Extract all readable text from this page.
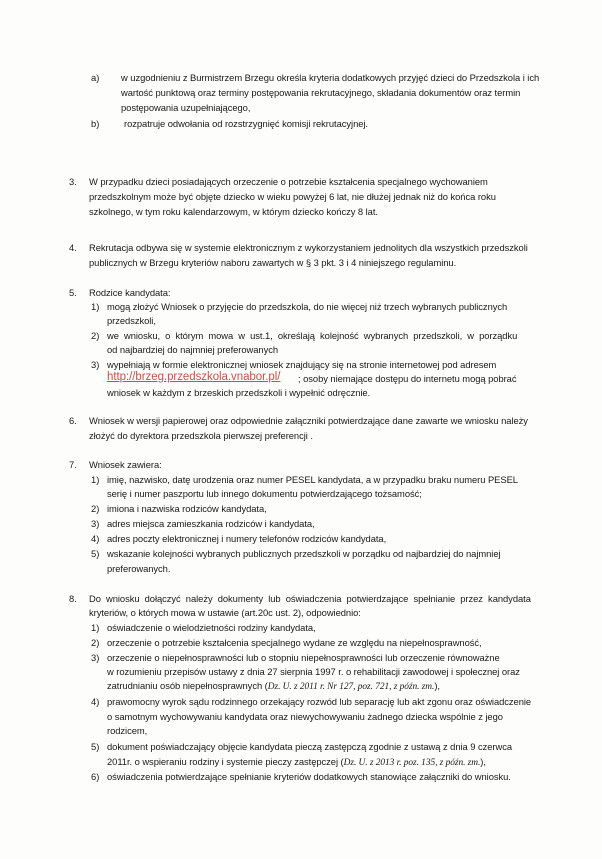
a) w uzgodnieniu z Burmistrzem Brzegu określa kryteria dodatkowych przyjęć dzieci do Przedszkola i ich
wartość punktową oraz terminy postępowania rekrutacyjnego, składania dokumentów oraz termin
postępowania uzupełniającego,
b)	rozpatruje odwołania od rozstrzygnięć komisji rekrutacyjnej.
3. W przypadku dzieci posiadających orzeczenie o potrzebie kształcenia specjalnego wychowaniem
przedszkolnym może być objęte dziecko w wieku powyżej 6 lat, nie dłużej jednak niż do końca roku
szkolnego, w tym roku kalendarzowym, w którym dziecko kończy 8 lat.
4. Rekrutacja odbywa się w systemie elektronicznym z wykorzystaniem jednolitych dla wszystkich przedszkoli
publicznych w Brzegu kryteriów naboru zawartych w § 3 pkt. 3 i 4 niniejszego regulaminu.
5. Rodzice kandydata:
1) mogą złożyć Wniosek o przyjęcie do przedszkola, do nie więcej niż trzech wybranych publicznych
przedszkoli,
2) we  wniosku,  o  którym  mowa  w  ust.1,  określają  kolejność  wybranych  przedszkoli,  w  porządku
od najbardziej do najmniej preferowanych
3) wypełniają w formie elektronicznej wniosek znajdujący się na stronie internetowej pod adresem
http://brzeg.przedszkola.vnabor.pl/ ; osoby niemające dostępu do internetu mogą pobrać
wniosek w każdym z brzeskich przedszkoli i wypełnić odręcznie.
6. Wniosek w wersji papierowej oraz odpowiednie załączniki potwierdzające dane zawarte we wniosku należy
złożyć do dyrektora przedszkola pierwszej preferencji .
7. Wniosek zawiera:
1) imię, nazwisko, datę urodzenia oraz numer PESEL kandydata, a w przypadku braku numeru PESEL
serię i numer paszportu lub innego dokumentu potwierdzającego tożsamość;
2) imiona i nazwiska rodziców kandydata,
3) adres miejsca zamieszkania rodziców i kandydata,
4) adres poczty elektronicznej i numery telefonów rodziców kandydata,
5) wskazanie kolejności wybranych publicznych przedszkoli w porządku od najbardziej do najmniej
preferowanych.
8. Do  wniosku  dołączyć  należy  dokumenty  lub  oświadczenia  potwierdzające  spełnianie  przez  kandydata
kryteriów, o których mowa w ustawie (art.20c ust. 2), odpowiednio:
1) oświadczenie o wielodzietności rodziny kandydata,
2) orzeczenie o potrzebie kształcenia specjalnego wydane ze względu na niepełnosprawność,
3) orzeczenie o niepełnosprawności lub o stopniu niepełnosprawności lub orzeczenie równoważne
w rozumieniu przepisów ustawy z dnia 27 sierpnia 1997 r. o rehabilitacji zawodowej i społecznej oraz
zatrudnianiu osób niepełnosprawnych (Dz. U. z 2011 r. Nr 127, poz. 721, z późn. zm.),
4) prawomocny wyrok sądu rodzinnego orzekający rozwód lub separację lub akt zgonu oraz oświadczenie
o samotnym wychowywaniu kandydata oraz niewychowywaniu żadnego dziecka wspólnie z jego
rodzicem,
5) dokument poświadczający objęcie kandydata pieczą zastępczą zgodnie z ustawą z dnia 9 czerwca
2011r. o wspieraniu rodziny i systemie pieczy zastępczej (Dz. U. z 2013 r. poz. 135, z późn. zm.),
6) oświadczenia potwierdzające spełnianie kryteriów dodatkowych stanowiące załączniki do wniosku.
